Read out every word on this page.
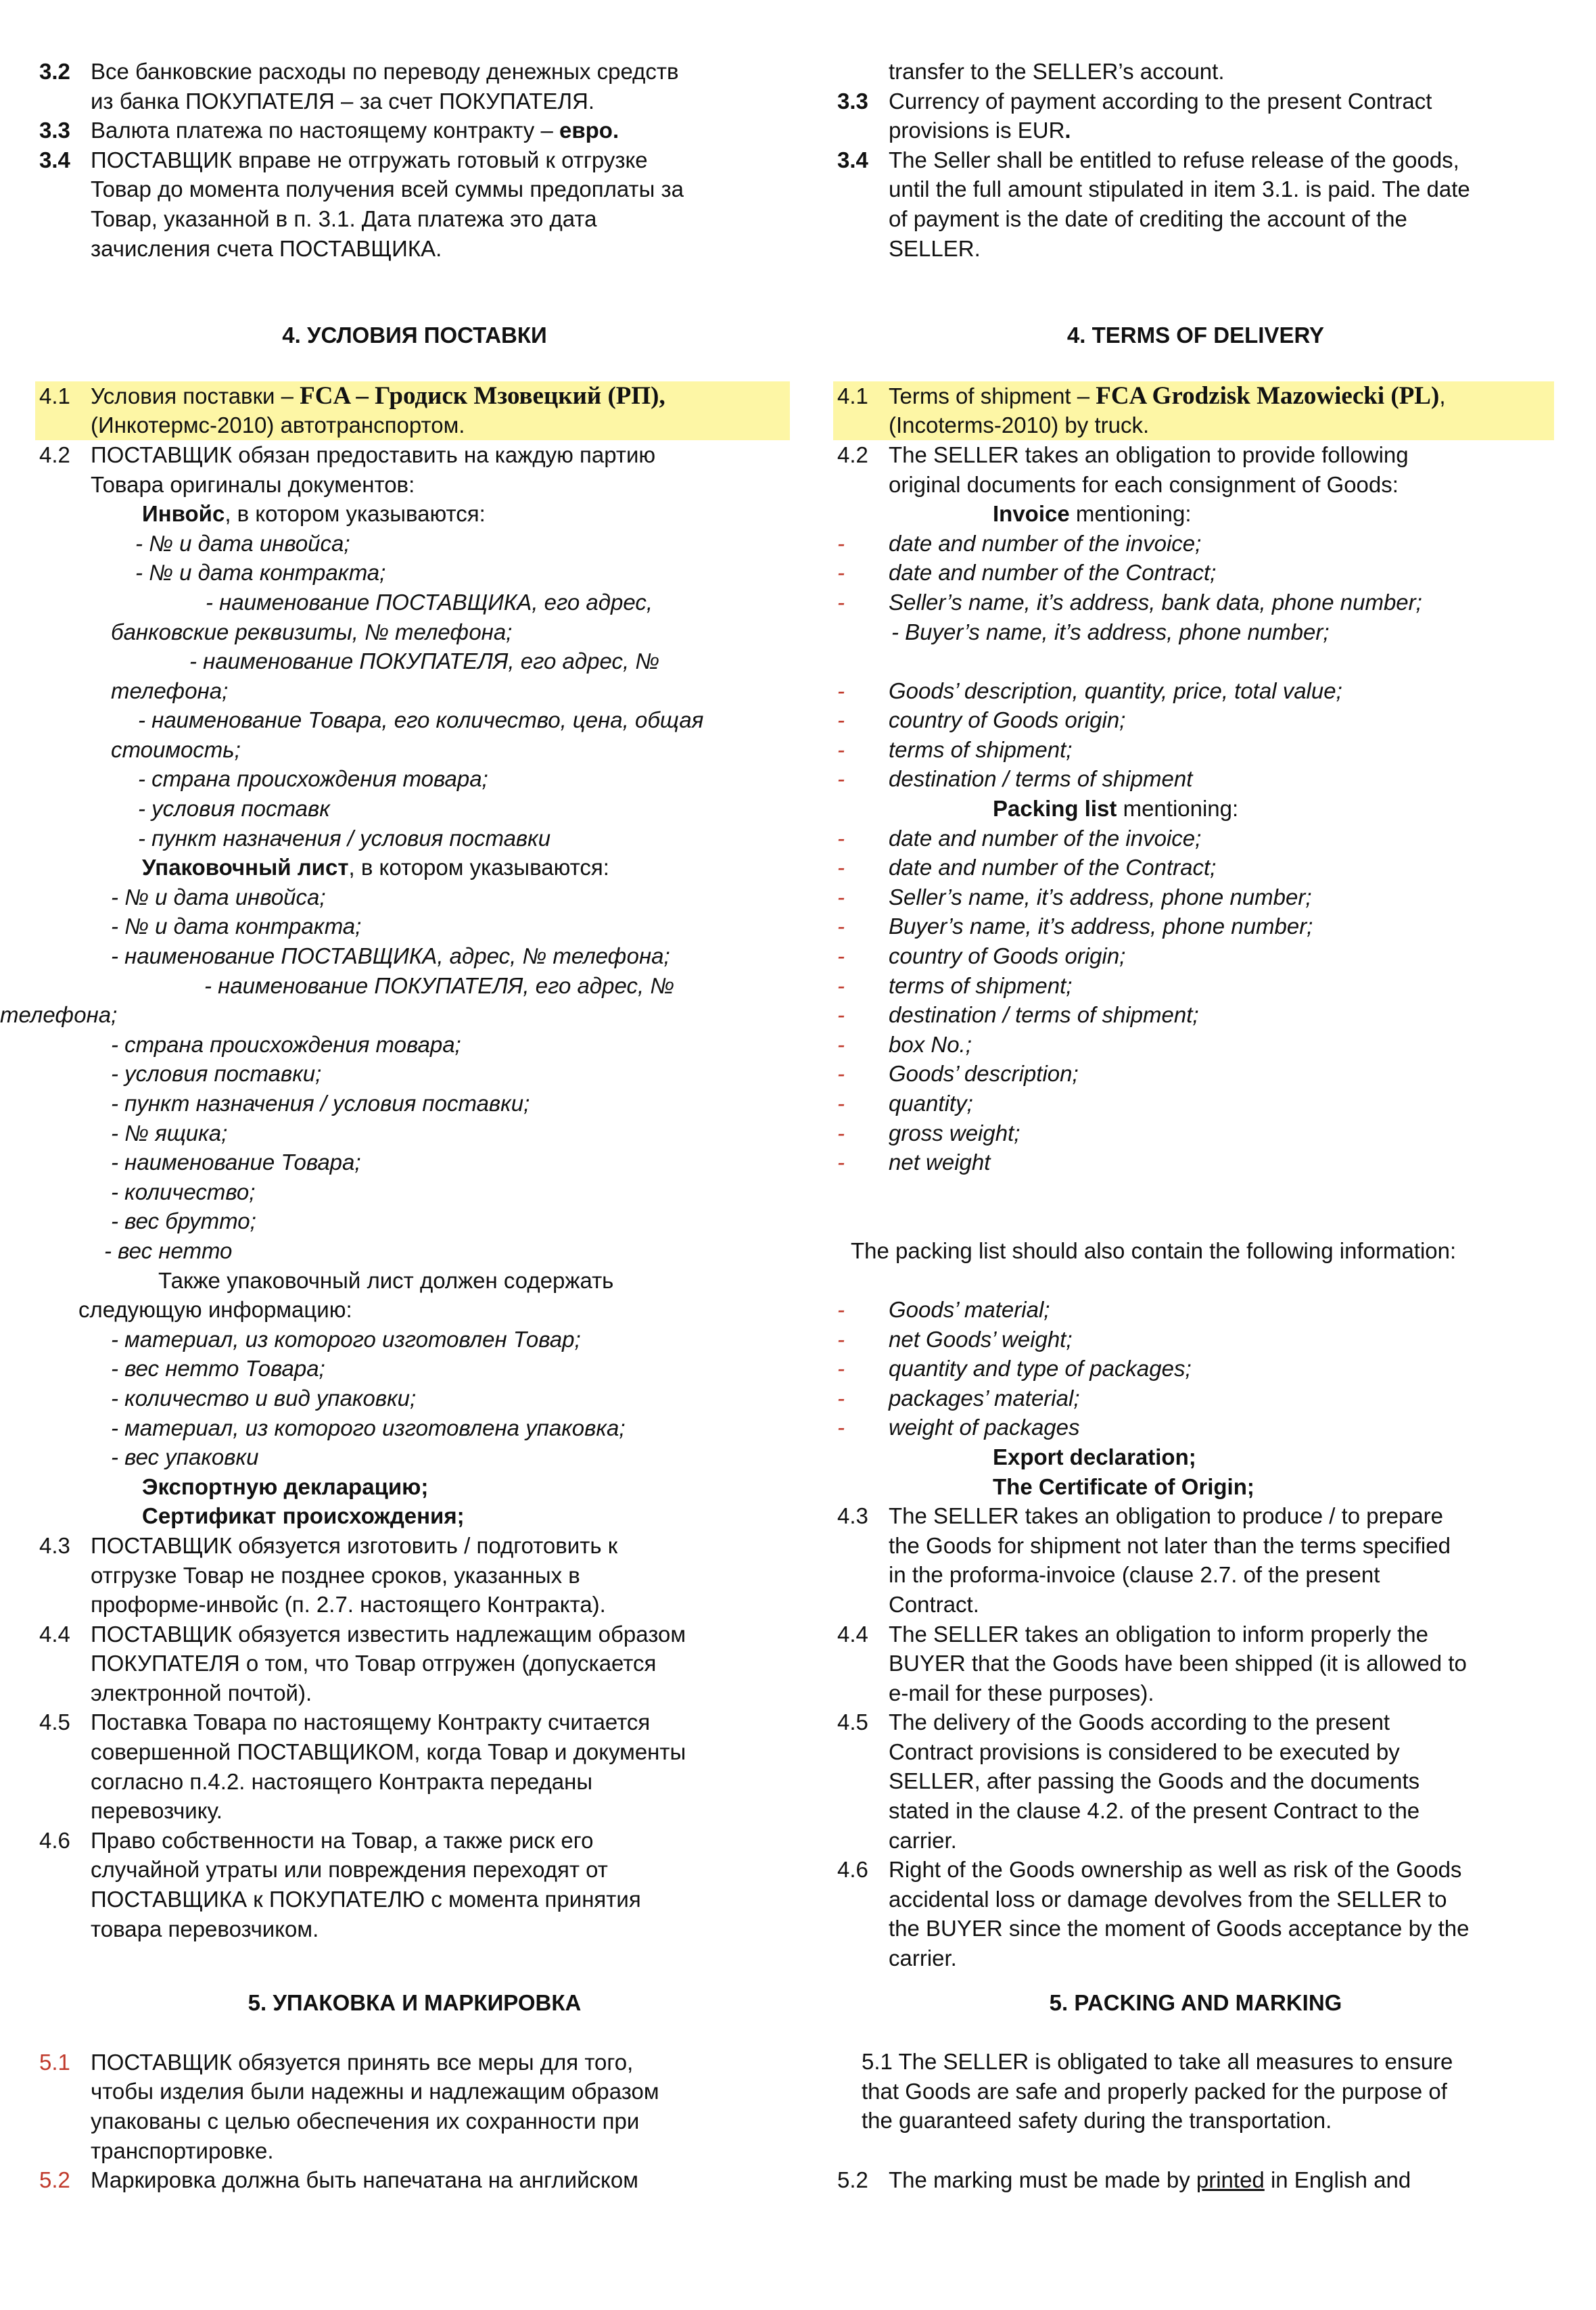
3.2 Все банковские расходы по переводу денежных средств
из банка ПОКУПАТЕЛЯ – за счет ПОКУПАТЕЛЯ.
3.3 Валюта платежа по настоящему контракту – евро.
3.4 ПОСТАВЩИК вправе не отгружать готовый к отгрузке
Товар до момента получения всей суммы предоплаты за
Товар, указанной в п. 3.1. Дата платежа это дата
зачисления счета ПОСТАВЩИКА.
4. УСЛОВИЯ ПОСТАВКИ
4.1 Условия поставки – FCA – Гродиск Мзовецкий (РП),
(Инкотермс-2010) автотранспортом.
4.2 ПОСТАВЩИК обязан предоставить на каждую партию
Товара оригиналы документов:
Инвойс, в котором указываются:
- № и дата инвойса;
- № и дата контракта;
- наименование ПОСТАВЩИКА, его адрес,
банковские реквизиты, № телефона;
- наименование ПОКУПАТЕЛЯ, его адрес, №
телефона;
- наименование Товара, его количество, цена, общая
стоимость;
- страна происхождения товара;
- условия поставк
- пункт назначения / условия поставки
Упаковочный лист, в котором указываются:
- № и дата инвойса;
- № и дата контракта;
- наименование ПОСТАВЩИКА, адрес, № телефона;
- наименование ПОКУПАТЕЛЯ, его адрес, №
телефона;
- страна происхождения товара;
- условия поставки;
- пункт назначения / условия поставки;
- № ящика;
- наименование Товара;
- количество;
- вес брутто;
- вес нетто
Также упаковочный лист должен содержать
следующую информацию:
- материал, из которого изготовлен Товар;
- вес нетто Товара;
- количество и вид упаковки;
- материал, из которого изготовлена упаковка;
- вес упаковки
Экспортную декларацию;
Сертификат происхождения;
4.3 ПОСТАВЩИК обязуется изготовить / подготовить к
отгрузке Товар не позднее сроков, указанных в
проформе-инвойс (п. 2.7. настоящего Контракта).
4.4 ПОСТАВЩИК обязуется известить надлежащим образом
ПОКУПАТЕЛЯ о том, что Товар отгружен (допускается
электронной почтой).
4.5 Поставка Товара по настоящему Контракту считается
совершенной ПОСТАВЩИКОМ, когда Товар и документы
согласно п.4.2. настоящего Контракта переданы
перевозчику.
4.6 Право собственности на Товар, а также риск его
случайной утраты или повреждения переходят от
ПОСТАВЩИКА к ПОКУПАТЕЛЮ с момента принятия
товара перевозчиком.
5. УПАКОВКА И МАРКИРОВКА
5.1 ПОСТАВЩИК обязуется принять все меры для того,
чтобы изделия были надежны и надлежащим образом
упакованы с целью обеспечения их сохранности при
транспортировке.
5.2 Маркировка должна быть напечатана на английском
transfer to the SELLER’s account.
3.3 Currency of payment according to the present Contract
provisions is EUR.
3.4 The Seller shall be entitled to refuse release of the goods,
until the full amount stipulated in item 3.1. is paid. The date
of payment is the date of crediting the account of the
SELLER.
4. TERMS OF DELIVERY
4.1 Terms of shipment – FCA Grodzisk Mazowiecki (PL),
(Incoterms-2010) by truck.
4.2 The SELLER takes an obligation to provide following
original documents for each consignment of Goods:
Invoice mentioning:
-	date and number of the invoice;
-	date and number of the Contract;
-	Seller’s name, it’s address, bank data, phone number;
- Buyer’s name, it’s address, phone number;
-	Goods’ description, quantity, price, total value;
-	country of Goods origin;
-	terms of shipment;
-	destination / terms of shipment
Packing list mentioning:
-	date and number of the invoice;
-	date and number of the Contract;
-	Seller’s name, it’s address, phone number;
-	Buyer’s name, it’s address, phone number;
-	country of Goods origin;
-	terms of shipment;
-	destination / terms of shipment;
-	box No.;
-	Goods’ description;
-	quantity;
-	gross weight;
-	net weight
The packing list should also contain the following information:
-	Goods’ material;
-	net Goods’ weight;
-	quantity and type of packages;
-	packages’ material;
-	weight of packages
Export declaration;
The Certificate of Origin;
4.3 The SELLER takes an obligation to produce / to prepare
the Goods for shipment not later than the terms specified
in the proforma-invoice (clause 2.7. of the present
Contract.
4.4 The SELLER takes an obligation to inform properly the
BUYER that the Goods have been shipped (it is allowed to
e-mail for these purposes).
4.5 The delivery of the Goods according to the present
Contract provisions is considered to be executed by
SELLER, after passing the Goods and the documents
stated in the clause 4.2. of the present Contract to the
carrier.
4.6 Right of the Goods ownership as well as risk of the Goods
accidental loss or damage devolves from the SELLER to
the BUYER since the moment of Goods acceptance by the
carrier.
5. PACKING AND MARKING
5.1 The SELLER is obligated to take all measures to ensure
that Goods are safe and properly packed for the purpose of
the guaranteed safety during the transportation.
5.2 The marking must be made by printed in English and
